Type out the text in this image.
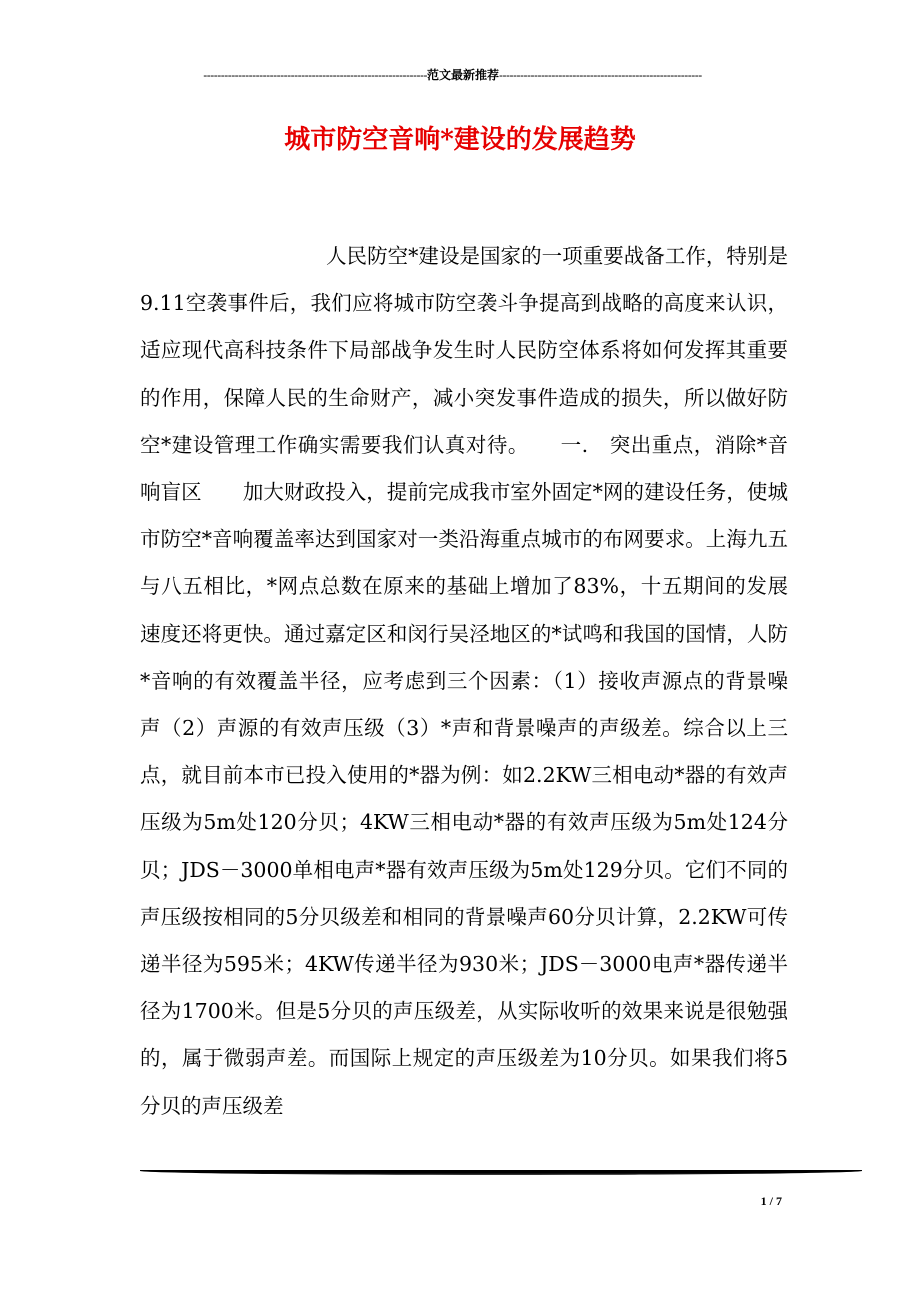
----------------------------------------------------------------范文最新推荐----------------------------------------------------------
城市防空音响*建设的发展趋势
人民防空*建设是国家的一项重要战备工作，特别是9.11空袭事件后，我们应将城市防空袭斗争提高到战略的高度来认识，适应现代高科技条件下局部战争发生时人民防空体系将如何发挥其重要的作用，保障人民的生命财产，减小突发事件造成的损失，所以做好防空*建设管理工作确实需要我们认真对待。　　一.　突出重点，消除*音响盲区　　加大财政投入，提前完成我市室外固定*网的建设任务，使城市防空*音响覆盖率达到国家对一类沿海重点城市的布网要求。上海九五与八五相比，*网点总数在原来的基础上增加了83%，十五期间的发展速度还将更快。通过嘉定区和闵行吴泾地区的*试鸣和我国的国情，人防*音响的有效覆盖半径，应考虑到三个因素：（1）接收声源点的背景噪声（2）声源的有效声压级（3）*声和背景噪声的声级差。综合以上三点，就目前本市已投入使用的*器为例：如2.2KW三相电动*器的有效声压级为5m处120分贝；4KW三相电动*器的有效声压级为5m处124分贝；JDS－3000单相电声*器有效声压级为5m处129分贝。它们不同的声压级按相同的5分贝级差和相同的背景噪声60分贝计算，2.2KW可传递半径为595米；4KW传递半径为930米；JDS－3000电声*器传递半径为1700米。但是5分贝的声压级差，从实际收听的效果来说是很勉强的，属于微弱声差。而国际上规定的声压级差为10分贝。如果我们将5分贝的声压级差
1 / 7
